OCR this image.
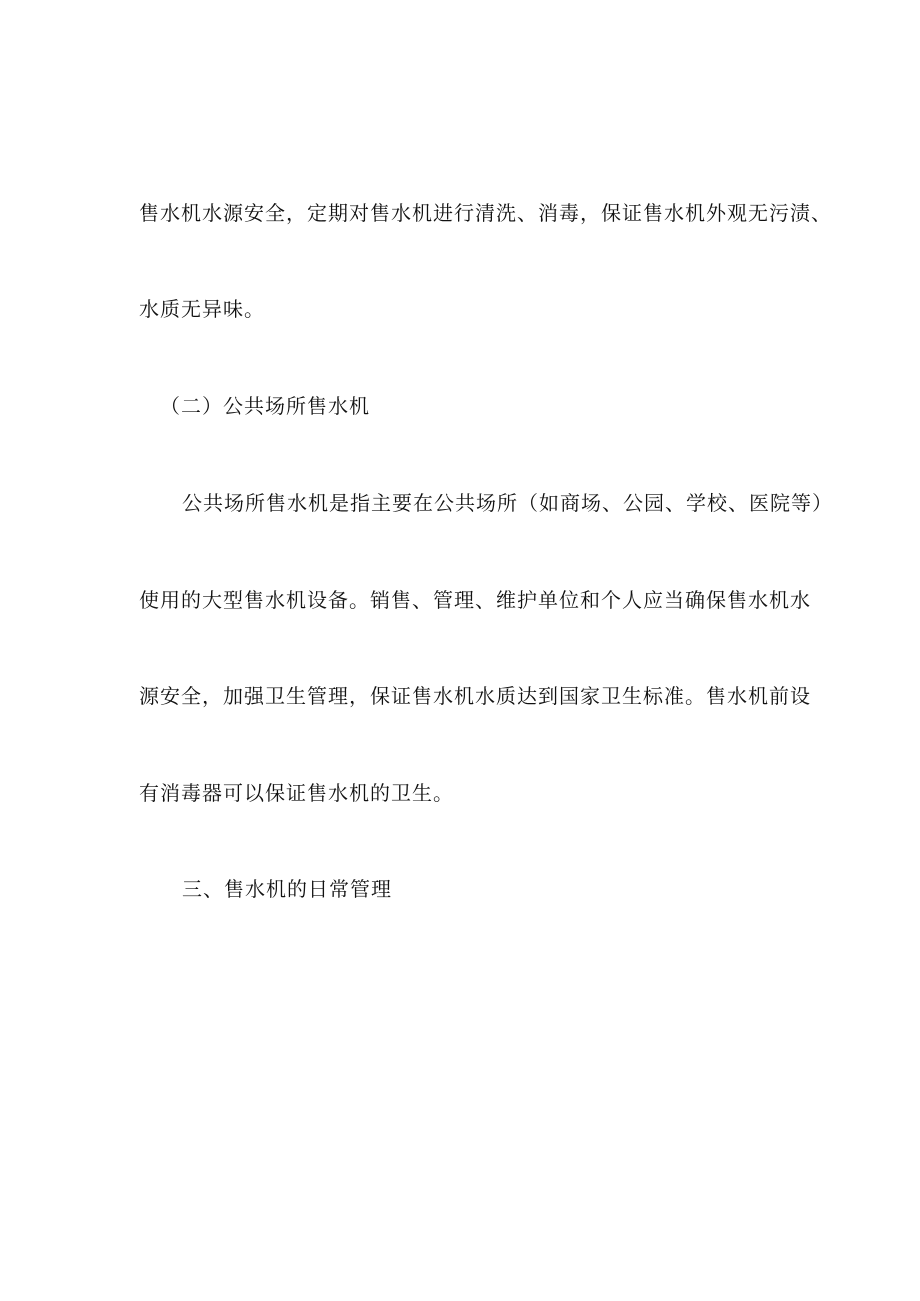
售水机水源安全，定期对售水机进行清洗、消毒，保证售水机外观无污渍、
水质无异味。
（二）公共场所售水机
公共场所售水机是指主要在公共场所（如商场、公园、学校、医院等）
使用的大型售水机设备。销售、管理、维护单位和个人应当确保售水机水
源安全，加强卫生管理，保证售水机水质达到国家卫生标准。售水机前设
有消毒器可以保证售水机的卫生。
三、售水机的日常管理
